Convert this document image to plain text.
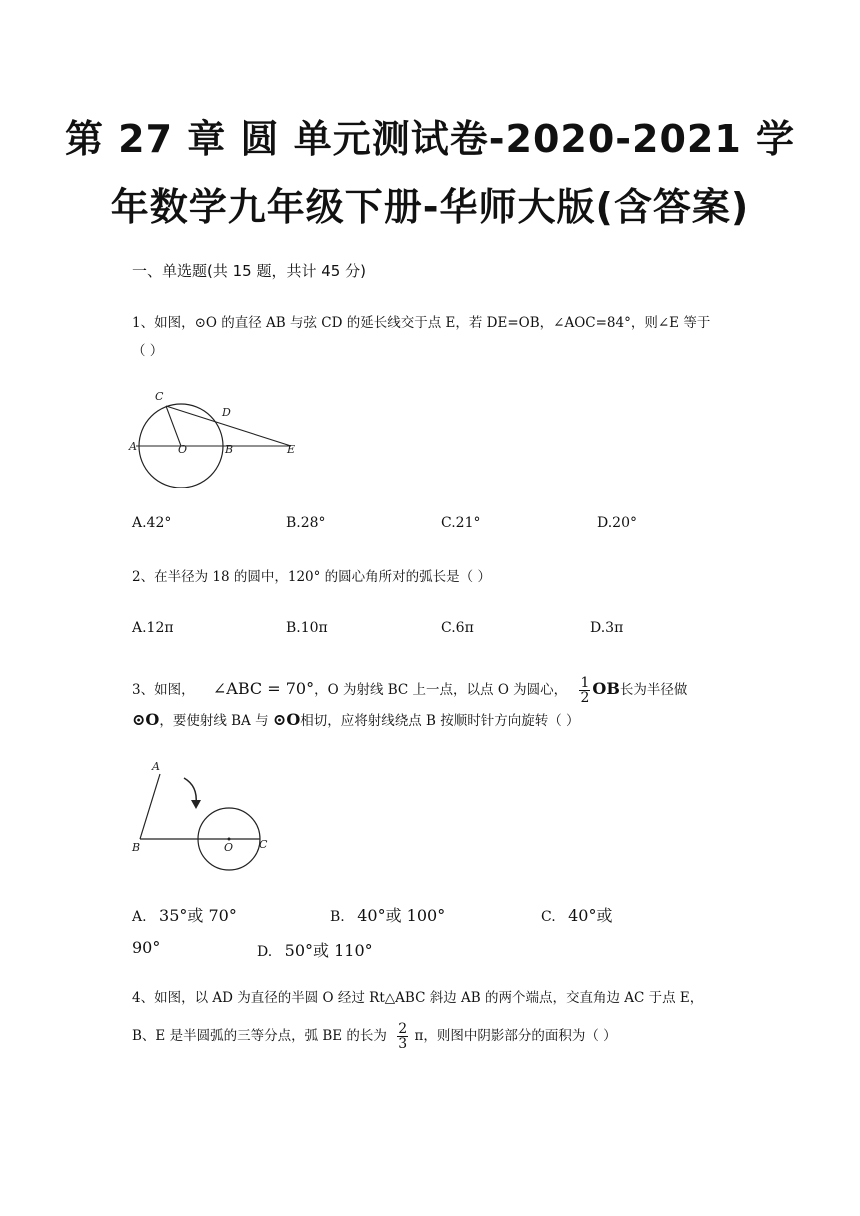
第 27 章 圆 单元测试卷-2020-2021 学
年数学九年级下册-华师大版(含答案)
一、单选题(共 15 题，共计 45 分)
1、如图，⊙O 的直径 AB 与弦 CD 的延长线交于点 E，若 DE=OB，∠AOC=84°，则∠E 等于
（ ）
C
D
A	O	B	E
A.42°	B.28°	C.21°	D.20°
2、在半径为 18 的圆中，120° 的圆心角所对的弧长是（ ）
A.12π	B.10π	C.6π	D.3π
3、如图， ∠ABC = 70°，O 为射线 BC 上一点，以点 O 为圆心， $\frac{1}{2}$ OB长为半径做
⊙O，要使射线 BA 与 ⊙O相切，应将射线绕点 B 按顺时针方向旋转（ ）
A
B	O C
A. 35°或 70°	B. 40°或 100°	C. 40°或
90°	D. 50°或 110°
4、如图，以 AD 为直径的半圆 O 经过 Rt△ABC 斜边 AB 的两个端点，交直角边 AC 于点 E，
B、E 是半圆弧的三等分点，弧 BE 的长为 $\frac{2}{3}$ π，则图中阴影部分的面积为（ ）
